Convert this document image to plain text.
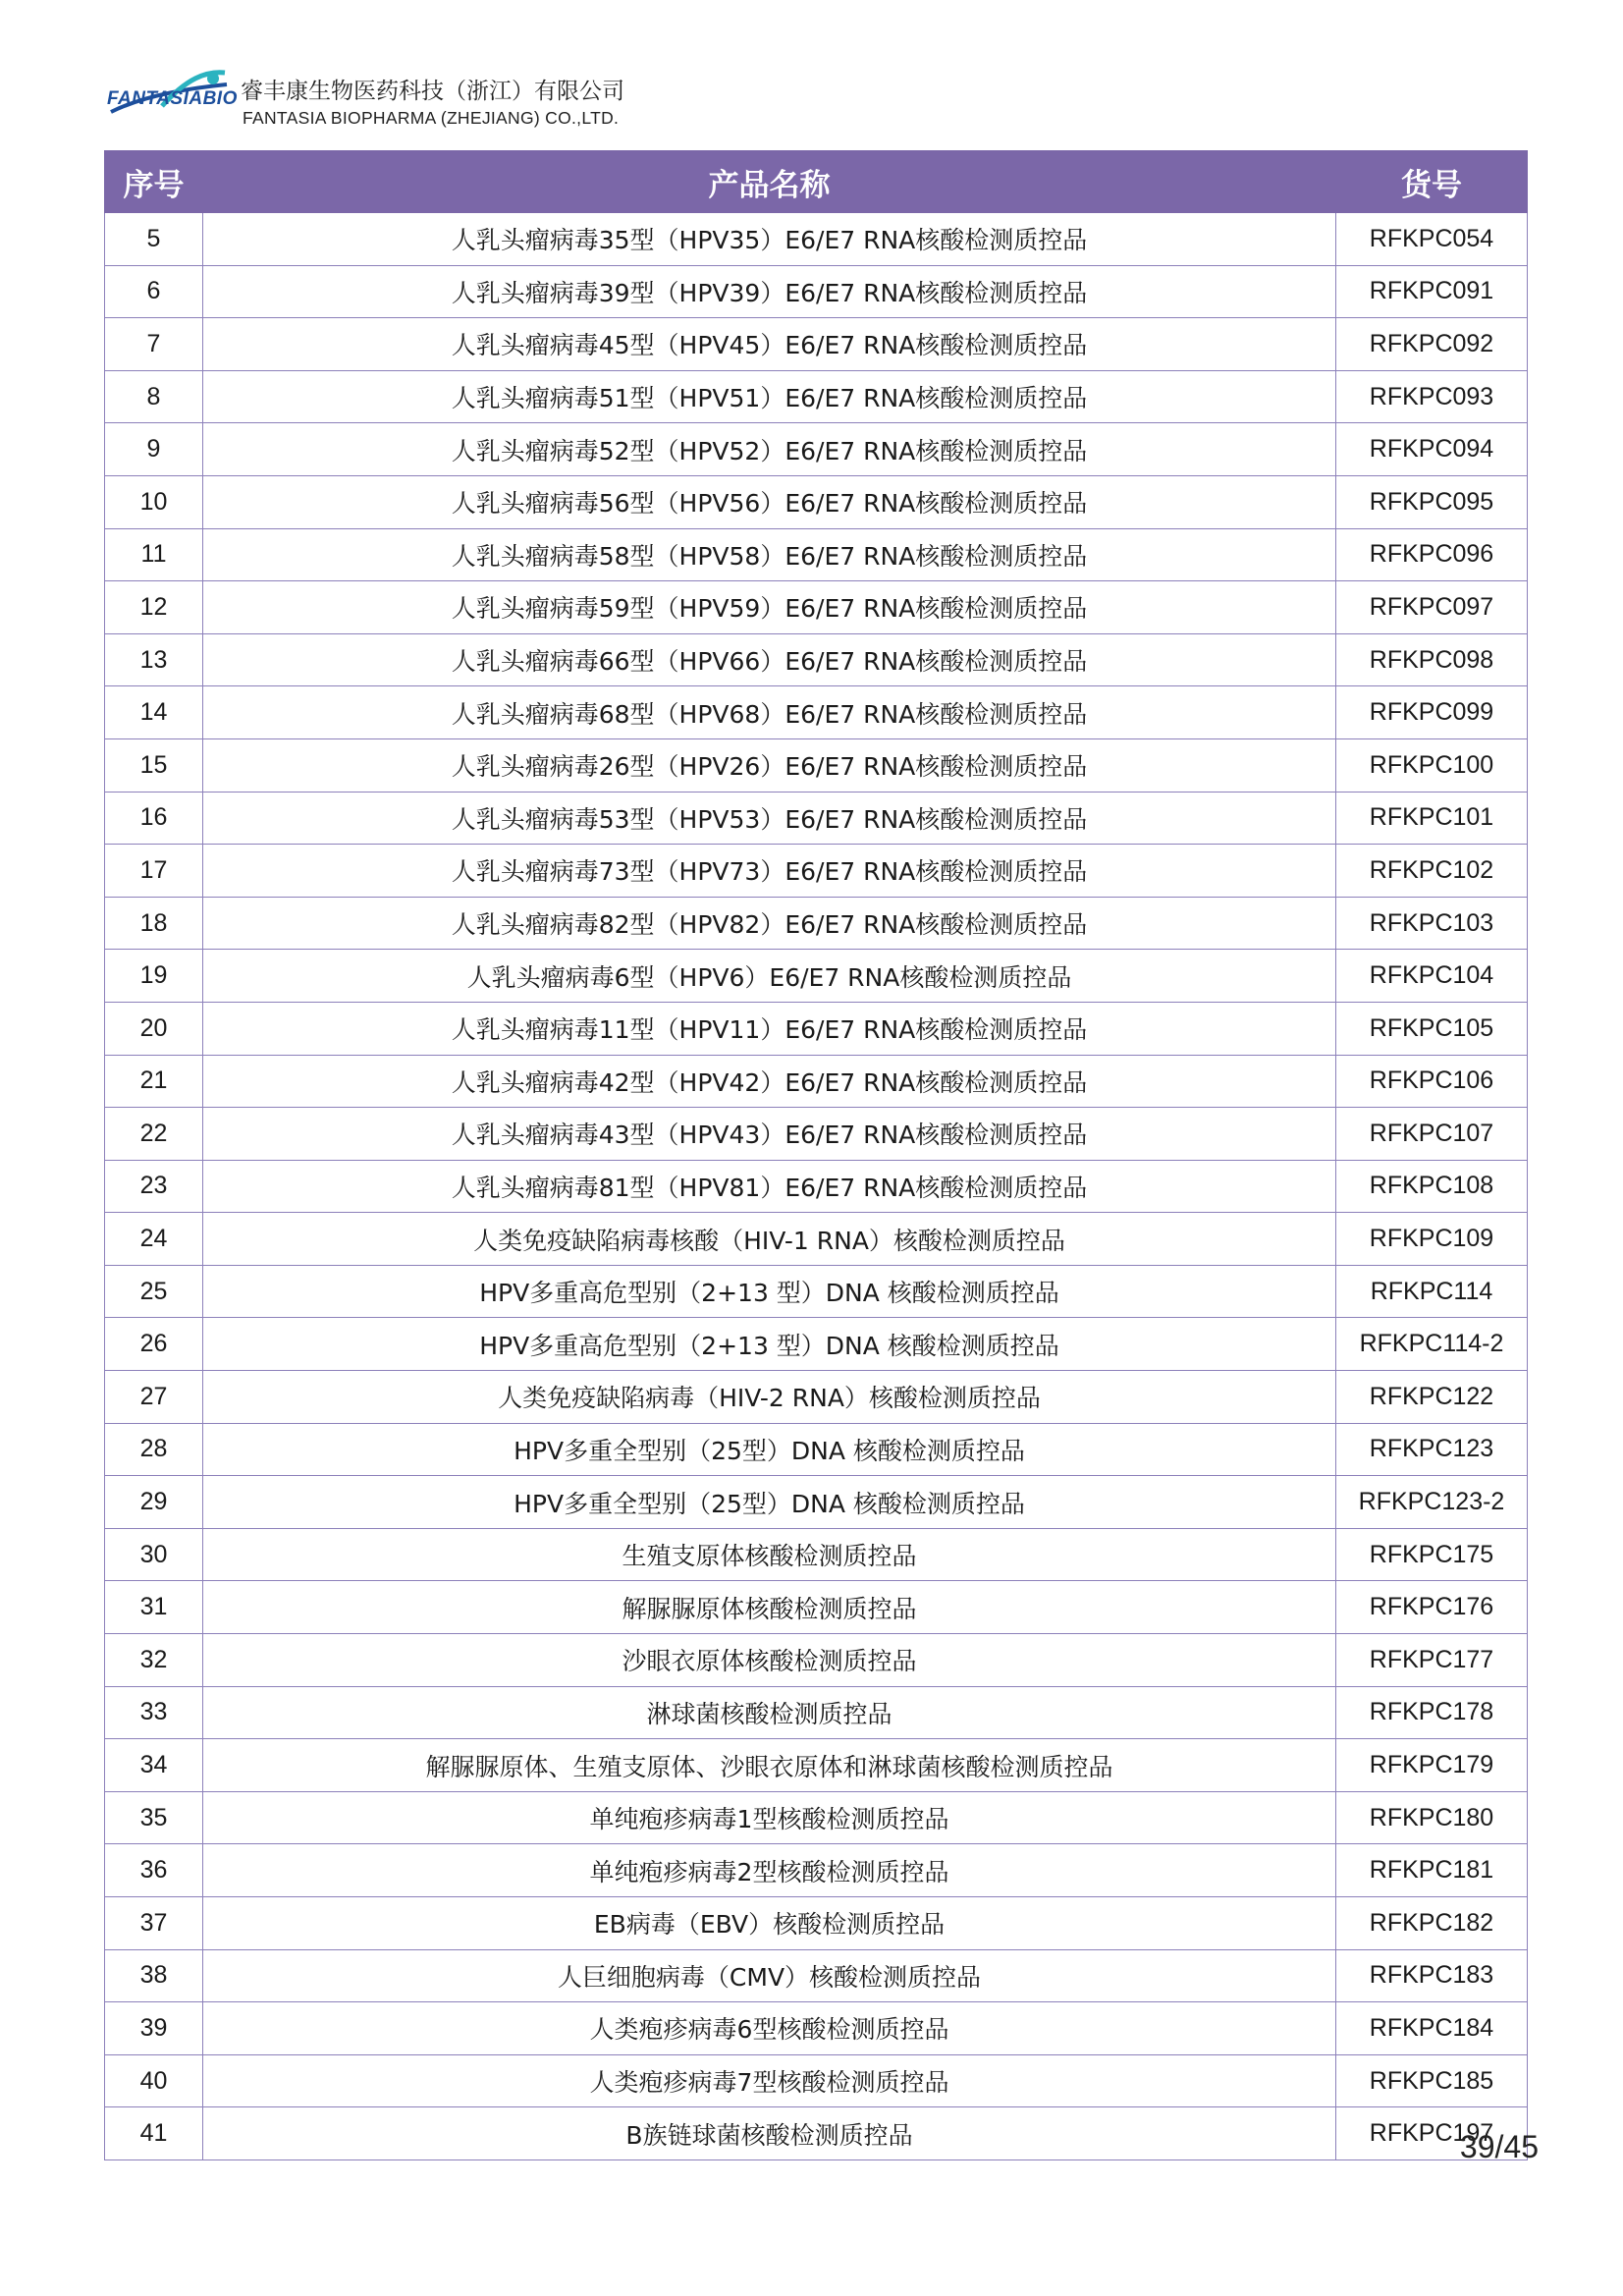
FANTASIABIO 睿丰康生物医药科技（浙江）有限公司
FANTASIA BIOPHARMA (ZHEJIANG) CO.,LTD.
序号	产品名称	货号
5	人乳头瘤病毒35型（HPV35）E6/E7 RNA核酸检测质控品	RFKPC054
6	人乳头瘤病毒39型（HPV39）E6/E7 RNA核酸检测质控品	RFKPC091
7	人乳头瘤病毒45型（HPV45）E6/E7 RNA核酸检测质控品	RFKPC092
8	人乳头瘤病毒51型（HPV51）E6/E7 RNA核酸检测质控品	RFKPC093
9	人乳头瘤病毒52型（HPV52）E6/E7 RNA核酸检测质控品	RFKPC094
10	人乳头瘤病毒56型（HPV56）E6/E7 RNA核酸检测质控品	RFKPC095
11	人乳头瘤病毒58型（HPV58）E6/E7 RNA核酸检测质控品	RFKPC096
12	人乳头瘤病毒59型（HPV59）E6/E7 RNA核酸检测质控品	RFKPC097
13	人乳头瘤病毒66型（HPV66）E6/E7 RNA核酸检测质控品	RFKPC098
14	人乳头瘤病毒68型（HPV68）E6/E7 RNA核酸检测质控品	RFKPC099
15	人乳头瘤病毒26型（HPV26）E6/E7 RNA核酸检测质控品	RFKPC100
16	人乳头瘤病毒53型（HPV53）E6/E7 RNA核酸检测质控品	RFKPC101
17	人乳头瘤病毒73型（HPV73）E6/E7 RNA核酸检测质控品	RFKPC102
18	人乳头瘤病毒82型（HPV82）E6/E7 RNA核酸检测质控品	RFKPC103
19	人乳头瘤病毒6型（HPV6）E6/E7 RNA核酸检测质控品	RFKPC104
20	人乳头瘤病毒11型（HPV11）E6/E7 RNA核酸检测质控品	RFKPC105
21	人乳头瘤病毒42型（HPV42）E6/E7 RNA核酸检测质控品	RFKPC106
22	人乳头瘤病毒43型（HPV43）E6/E7 RNA核酸检测质控品	RFKPC107
23	人乳头瘤病毒81型（HPV81）E6/E7 RNA核酸检测质控品	RFKPC108
24	人类免疫缺陷病毒核酸（HIV-1 RNA）核酸检测质控品	RFKPC109
25	HPV多重高危型别（2+13 型）DNA 核酸检测质控品	RFKPC114
26	HPV多重高危型别（2+13 型）DNA 核酸检测质控品	RFKPC114-2
27	人类免疫缺陷病毒（HIV-2 RNA）核酸检测质控品	RFKPC122
28	HPV多重全型别（25型）DNA 核酸检测质控品	RFKPC123
29	HPV多重全型别（25型）DNA 核酸检测质控品	RFKPC123-2
30	生殖支原体核酸检测质控品	RFKPC175
31	解脲脲原体核酸检测质控品	RFKPC176
32	沙眼衣原体核酸检测质控品	RFKPC177
33	淋球菌核酸检测质控品	RFKPC178
34	解脲脲原体、生殖支原体、沙眼衣原体和淋球菌核酸检测质控品	RFKPC179
35	单纯疱疹病毒1型核酸检测质控品	RFKPC180
36	单纯疱疹病毒2型核酸检测质控品	RFKPC181
37	EB病毒（EBV）核酸检测质控品	RFKPC182
38	人巨细胞病毒（CMV）核酸检测质控品	RFKPC183
39	人类疱疹病毒6型核酸检测质控品	RFKPC184
40	人类疱疹病毒7型核酸检测质控品	RFKPC185
41	B族链球菌核酸检测质控品	RFKPC197
39/45
